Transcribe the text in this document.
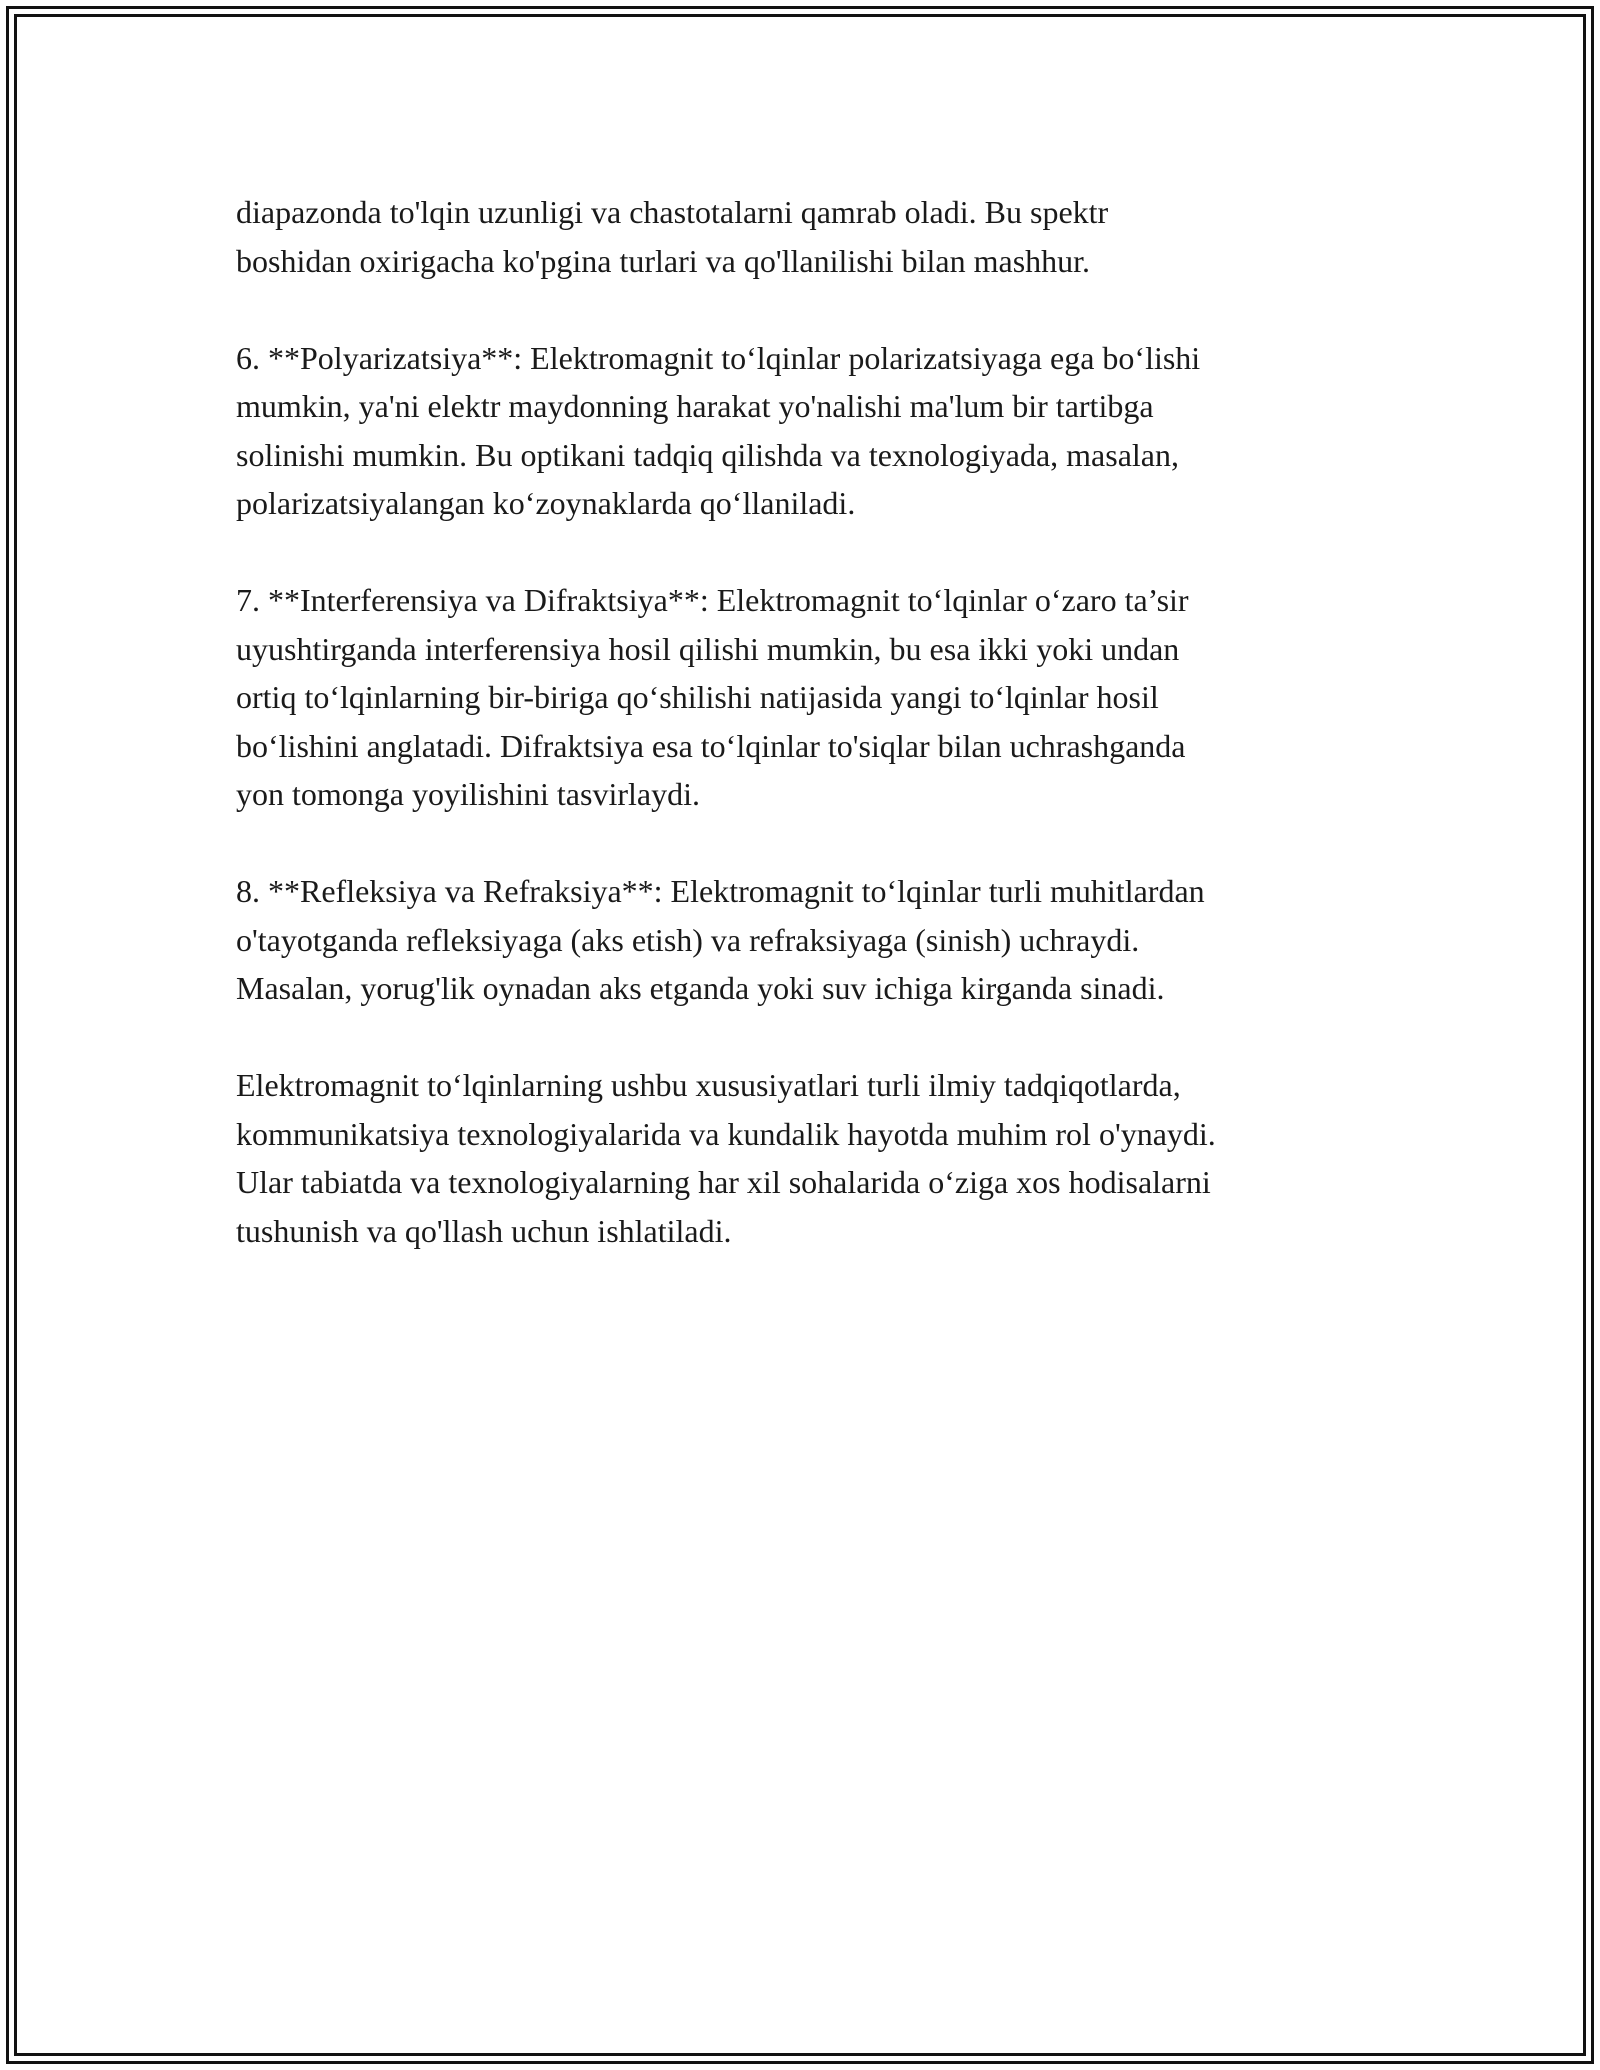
diapazonda to'lqin uzunligi va chastotalarni qamrab oladi. Bu spektr
boshidan oxirigacha ko'pgina turlari va qo'llanilishi bilan mashhur.

6. **Polyarizatsiya**: Elektromagnit to‘lqinlar polarizatsiyaga ega bo‘lishi
mumkin, ya'ni elektr maydonning harakat yo'nalishi ma'lum bir tartibga
solinishi mumkin. Bu optikani tadqiq qilishda va texnologiyada, masalan,
polarizatsiyalangan ko‘zoynaklarda qo‘llaniladi.

7. **Interferensiya va Difraktsiya**: Elektromagnit to‘lqinlar o‘zaro ta’sir
uyushtirganda interferensiya hosil qilishi mumkin, bu esa ikki yoki undan
ortiq to‘lqinlarning bir-biriga qo‘shilishi natijasida yangi to‘lqinlar hosil
bo‘lishini anglatadi. Difraktsiya esa to‘lqinlar to'siqlar bilan uchrashganda
yon tomonga yoyilishini tasvirlaydi.

8. **Refleksiya va Refraksiya**: Elektromagnit to‘lqinlar turli muhitlardan
o'tayotganda refleksiyaga (aks etish) va refraksiyaga (sinish) uchraydi.
Masalan, yorug'lik oynadan aks etganda yoki suv ichiga kirganda sinadi.

Elektromagnit to‘lqinlarning ushbu xususiyatlari turli ilmiy tadqiqotlarda,
kommunikatsiya texnologiyalarida va kundalik hayotda muhim rol o'ynaydi.
Ular tabiatda va texnologiyalarning har xil sohalarida o‘ziga xos hodisalarni
tushunish va qo'llash uchun ishlatiladi.
